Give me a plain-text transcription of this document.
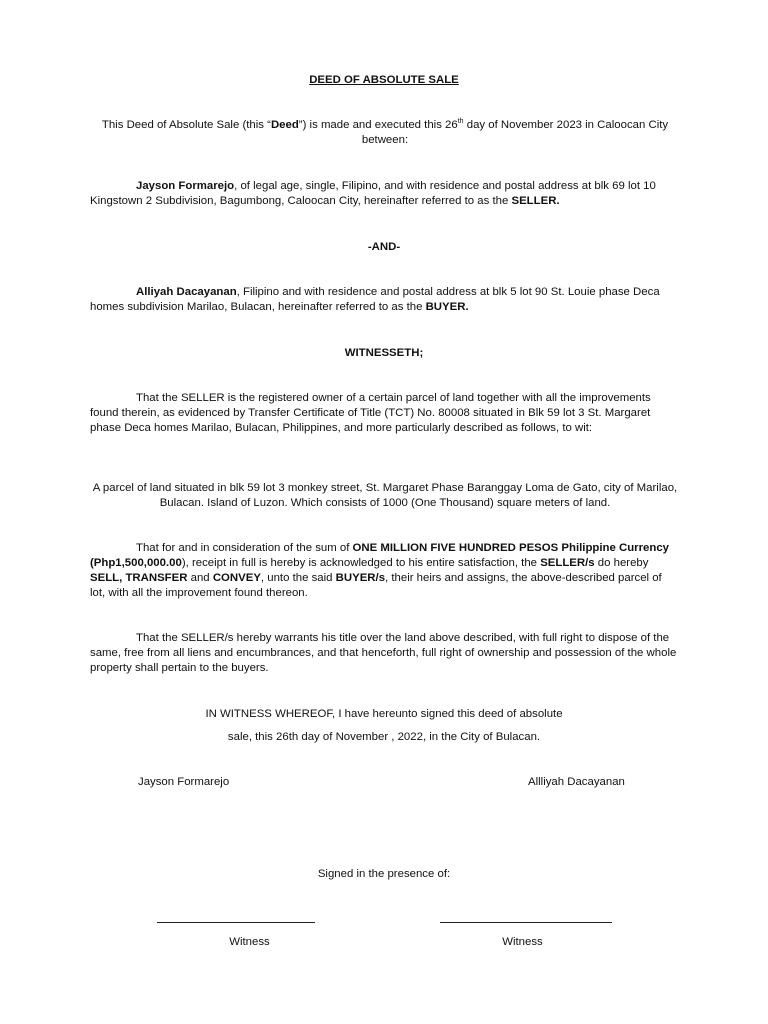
DEED OF ABSOLUTE SALE
This Deed of Absolute Sale (this “Deed”) is made and executed this 26th day of November 2023 in Caloocan City between:
Jayson Formarejo, of legal age, single, Filipino, and with residence and postal address at blk 69 lot 10 Kingstown 2 Subdivision, Bagumbong, Caloocan City, hereinafter referred to as the SELLER.
-AND-
Alliyah Dacayanan, Filipino and with residence and postal address at blk 5 lot 90 St. Louie phase Deca homes subdivision Marilao, Bulacan, hereinafter referred to as the BUYER.
WITNESSETH;
That the SELLER is the registered owner of a certain parcel of land together with all the improvements found therein, as evidenced by Transfer Certificate of Title (TCT) No. 80008 situated in Blk 59 lot 3 St. Margaret phase Deca homes Marilao, Bulacan, Philippines, and more particularly described as follows, to wit:
A parcel of land situated in blk 59 lot 3 monkey street, St. Margaret Phase Baranggay Loma de Gato, city of Marilao, Bulacan. Island of Luzon. Which consists of 1000 (One Thousand) square meters of land.
That for and in consideration of the sum of ONE MILLION FIVE HUNDRED PESOS Philippine Currency (Php1,500,000.00), receipt in full is hereby is acknowledged to his entire satisfaction, the SELLER/s do hereby SELL, TRANSFER and CONVEY, unto the said BUYER/s, their heirs and assigns, the above-described parcel of lot, with all the improvement found thereon.
That the SELLER/s hereby warrants his title over the land above described, with full right to dispose of the same, free from all liens and encumbrances, and that henceforth, full right of ownership and possession of the whole property shall pertain to the buyers.
IN WITNESS WHEREOF, I have hereunto signed this deed of absolute
sale, this 26th day of November , 2022, in the City of Bulacan.
Jayson Formarejo	Allliyah Dacayanan
Signed in the presence of:
Witness	Witness
